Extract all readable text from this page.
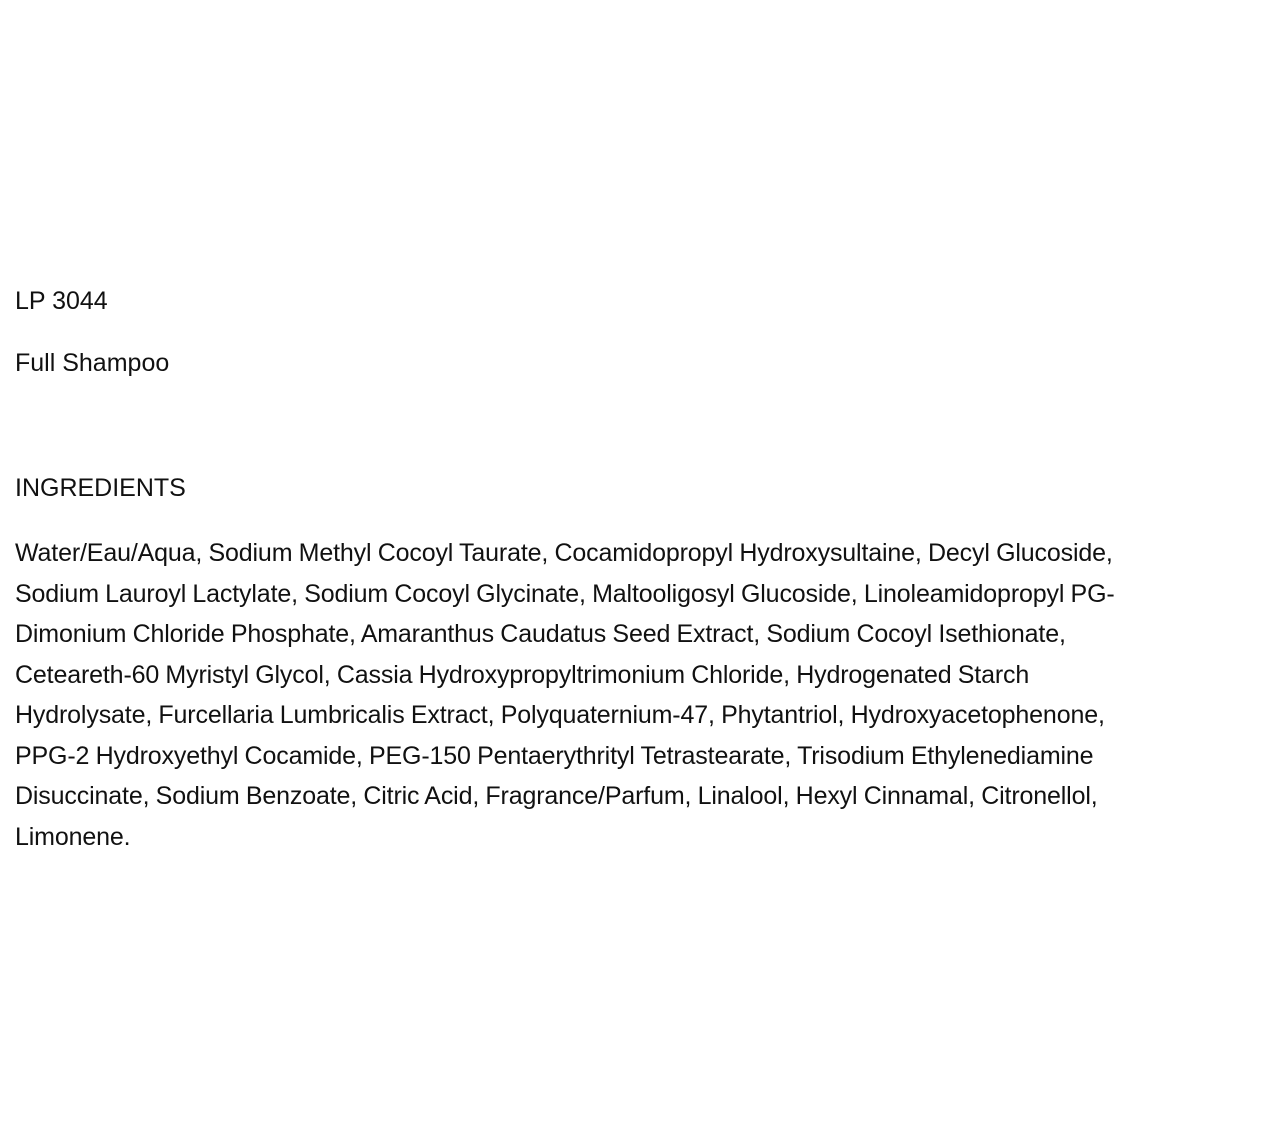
LP 3044

Full Shampoo

INGREDIENTS

Water/Eau/Aqua, Sodium Methyl Cocoyl Taurate, Cocamidopropyl Hydroxysultaine, Decyl Glucoside,
Sodium Lauroyl Lactylate, Sodium Cocoyl Glycinate, Maltooligosyl Glucoside, Linoleamidopropyl PG-
Dimonium Chloride Phosphate, Amaranthus Caudatus Seed Extract, Sodium Cocoyl Isethionate,
Ceteareth-60 Myristyl Glycol, Cassia Hydroxypropyltrimonium Chloride, Hydrogenated Starch
Hydrolysate, Furcellaria Lumbricalis Extract, Polyquaternium-47, Phytantriol, Hydroxyacetophenone,
PPG-2 Hydroxyethyl Cocamide, PEG-150 Pentaerythrityl Tetrastearate, Trisodium Ethylenediamine
Disuccinate, Sodium Benzoate, Citric Acid, Fragrance/Parfum, Linalool, Hexyl Cinnamal, Citronellol,
Limonene.
